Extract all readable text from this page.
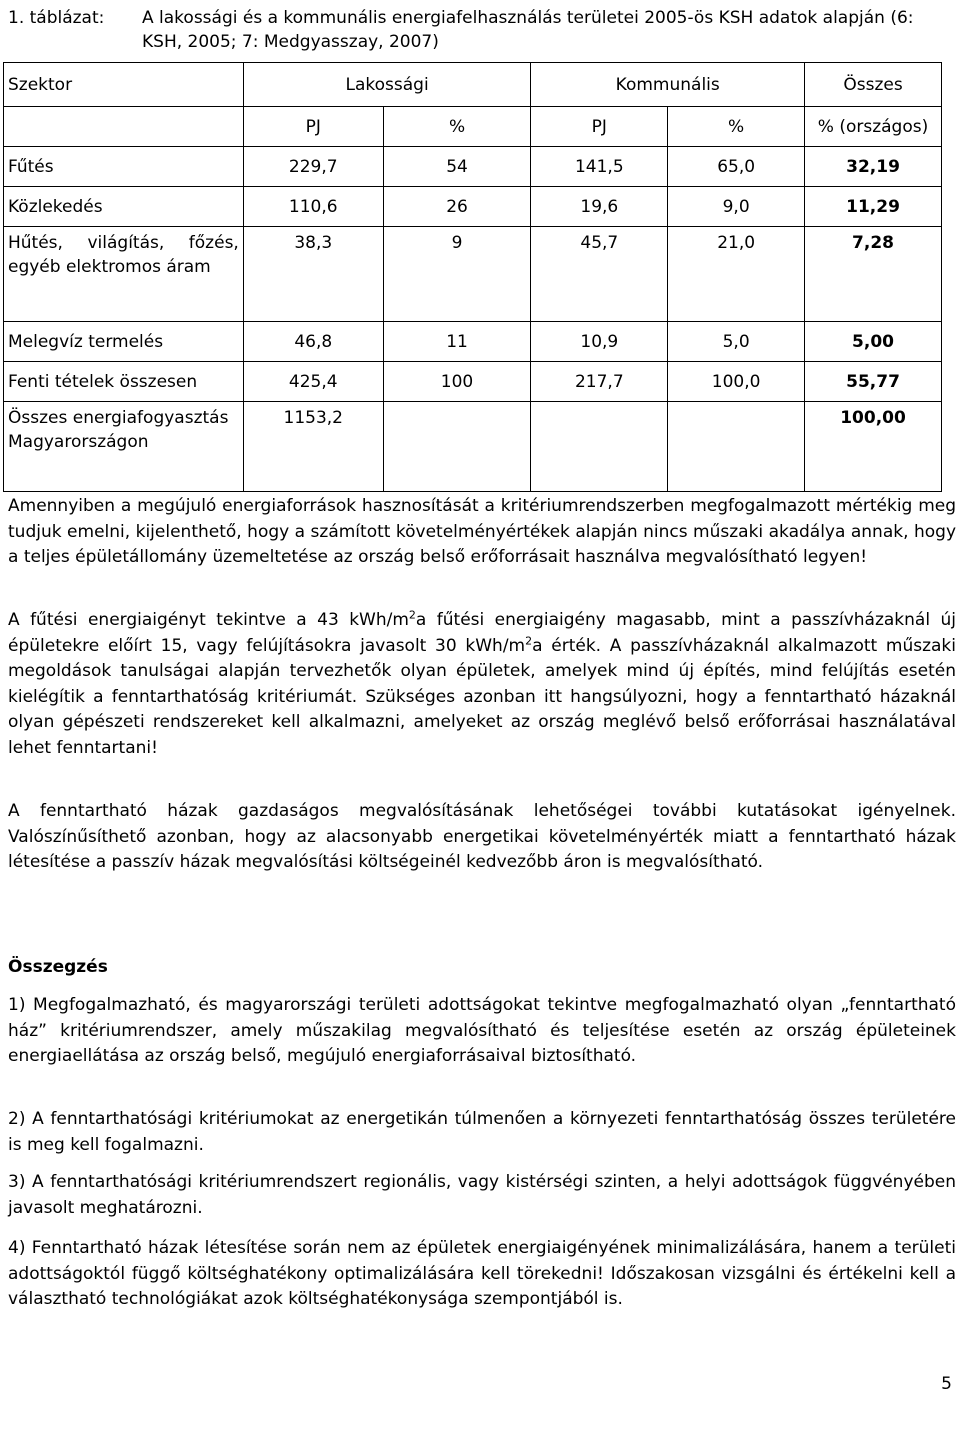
1. táblázat: A lakossági és a kommunális energiafelhasználás területei 2005-ös KSH adatok alapján (6: KSH, 2005; 7: Medgyasszay, 2007)
Szektor	Lakossági		Kommunális		Összes
	PJ	%	PJ	%	% (országos)
Fűtés	229,7	54	141,5	65,0	32,19
Közlekedés	110,6	26	19,6	9,0	11,29
Hűtés, világítás, főzés, egyéb elektromos áram	38,3	9	45,7	21,0	7,28
Melegvíz termelés	46,8	11	10,9	5,0	5,00
Fenti tételek összesen	425,4	100	217,7	100,0	55,77
Összes energiafogyasztás Magyarországon	1153,2				100,00

Amennyiben a megújuló energiaforrások hasznosítását a kritériumrendszerben megfogalmazott mértékig meg tudjuk emelni, kijelenthető, hogy a számított követelményértékek alapján nincs műszaki akadálya annak, hogy a teljes épületállomány üzemeltetése az ország belső erőforrásait használva megvalósítható legyen!

A fűtési energiaigényt tekintve a 43 kWh/$m^2a$ fűtési energiaigény magasabb, mint a passzívházaknál új épületekre előírt 15, vagy felújításokra javasolt 30 kWh/$m^2a$ érték. A passzívházaknál alkalmazott műszaki megoldások tanulságai alapján tervezhetők olyan épületek, amelyek mind új építés, mind felújítás esetén kielégítik a fenntarthatóság kritériumát. Szükséges azonban itt hangsúlyozni, hogy a fenntartható házaknál olyan gépészeti rendszereket kell alkalmazni, amelyeket az ország meglévő belső erőforrásai használatával lehet fenntartani!

A fenntartható házak gazdaságos megvalósításának lehetőségei további kutatásokat igényelnek. Valószínűsíthető azonban, hogy az alacsonyabb energetikai követelményérték miatt a fenntartható házak létesítése a passzív házak megvalósítási költségeinél kedvezőbb áron is megvalósítható.

Összegzés

1) Megfogalmazható, és magyarországi területi adottságokat tekintve megfogalmazható olyan „fenntartható ház” kritériumrendszer, amely műszakilag megvalósítható és teljesítése esetén az ország épületeinek energiaellátása az ország belső, megújuló energiaforrásaival biztosítható.

2) A fenntarthatósági kritériumokat az energetikán túlmenően a környezeti fenntarthatóság összes területére is meg kell fogalmazni.

3) A fenntarthatósági kritériumrendszert regionális, vagy kistérségi szinten, a helyi adottságok függvényében javasolt meghatározni.

4) Fenntartható házak létesítése során nem az épületek energiaigényének minimalizálására, hanem a területi adottságoktól függő költséghatékony optimalizálására kell törekedni! Időszakosan vizsgálni és értékelni kell a választható technológiákat azok költséghatékonysága szempontjából is.

5
